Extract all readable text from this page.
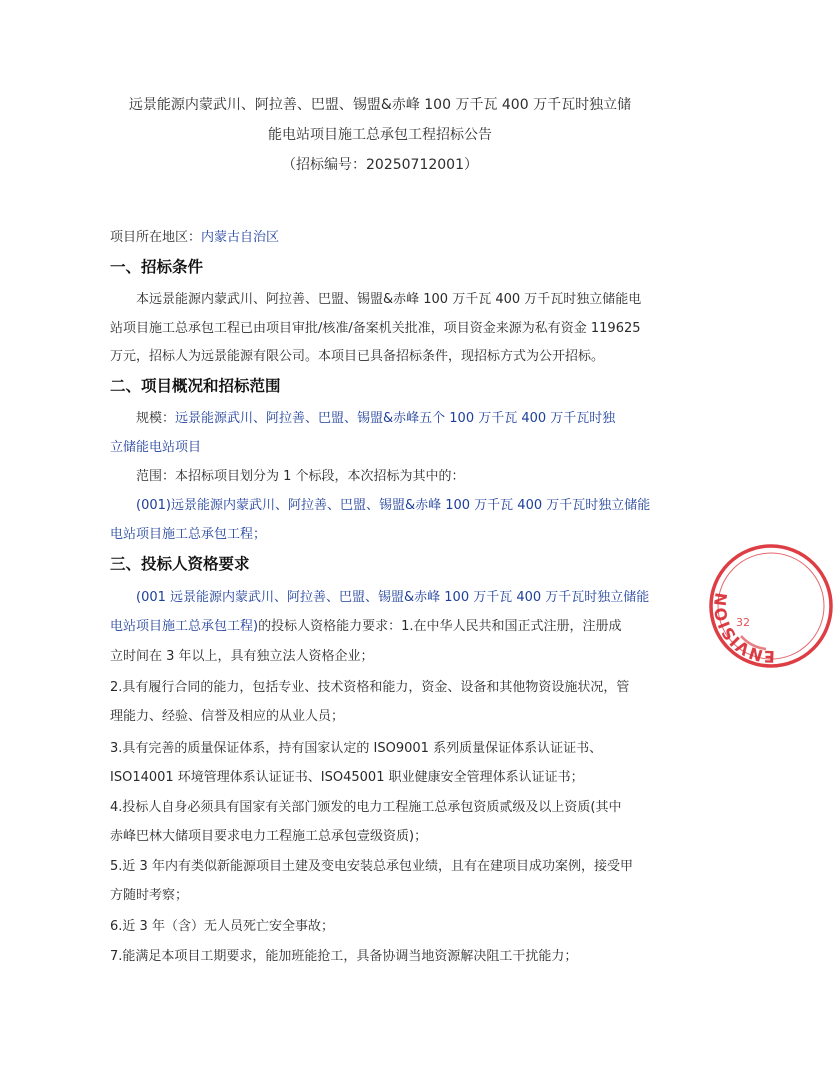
远景能源内蒙武川、阿拉善、巴盟、锡盟&赤峰 100 万千瓦 400 万千瓦时独立储
能电站项目施工总承包工程招标公告
（招标编号：20250712001）
项目所在地区：内蒙古自治区
一、招标条件
本远景能源内蒙武川、阿拉善、巴盟、锡盟&赤峰 100 万千瓦 400 万千瓦时独立储能电
站项目施工总承包工程已由项目审批/核准/备案机关批准，项目资金来源为私有资金 119625
万元，招标人为远景能源有限公司。本项目已具备招标条件，现招标方式为公开招标。
二、项目概况和招标范围
规模：远景能源武川、阿拉善、巴盟、锡盟&赤峰五个 100 万千瓦 400 万千瓦时独
立储能电站项目
范围：本招标项目划分为 1 个标段，本次招标为其中的：
(001)远景能源内蒙武川、阿拉善、巴盟、锡盟&赤峰 100 万千瓦 400 万千瓦时独立储能
电站项目施工总承包工程；
三、投标人资格要求
(001 远景能源内蒙武川、阿拉善、巴盟、锡盟&赤峰 100 万千瓦 400 万千瓦时独立储能
电站项目施工总承包工程)的投标人资格能力要求：1.在中华人民共和国正式注册，注册成
立时间在 3 年以上，具有独立法人资格企业；
2.具有履行合同的能力，包括专业、技术资格和能力，资金、设备和其他物资设施状况，管
理能力、经验、信誉及相应的从业人员；
3.具有完善的质量保证体系，持有国家认定的 ISO9001 系列质量保证体系认证证书、
ISO14001 环境管理体系认证证书、ISO45001 职业健康安全管理体系认证证书；
4.投标人自身必须具有国家有关部门颁发的电力工程施工总承包资质贰级及以上资质(其中
赤峰巴林大储项目要求电力工程施工总承包壹级资质)；
5.近 3 年内有类似新能源项目土建及变电安装总承包业绩，且有在建项目成功案例，接受甲
方随时考察；
6.近 3 年（含）无人员死亡安全事故；
7.能满足本项目工期要求，能加班能抢工，具备协调当地资源解决阻工干扰能力；
ENVISION
32
